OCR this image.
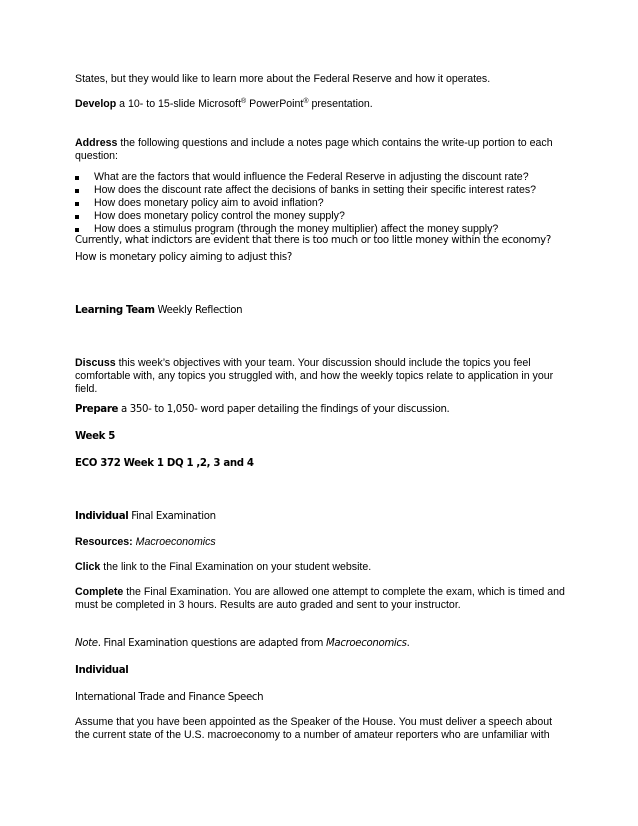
States, but they would like to learn more about the Federal Reserve and how it operates.
Develop a 10- to 15-slide Microsoft® PowerPoint® presentation.
Address the following questions and include a notes page which contains the write-up portion to each
question:
What are the factors that would influence the Federal Reserve in adjusting the discount rate?
How does the discount rate affect the decisions of banks in setting their specific interest rates?
How does monetary policy aim to avoid inflation?
How does monetary policy control the money supply?
How does a stimulus program (through the money multiplier) affect the money supply?
Currently, what indictors are evident that there is too much or too little money within the economy?
How is monetary policy aiming to adjust this?
Learning Team Weekly Reflection
Discuss this week’s objectives with your team. Your discussion should include the topics you feel
comfortable with, any topics you struggled with, and how the weekly topics relate to application in your
field.
Prepare a 350- to 1,050- word paper detailing the findings of your discussion.
Week 5
ECO 372 Week 1 DQ 1 ,2, 3 and 4
Individual Final Examination
Resources: Macroeconomics
Click the link to the Final Examination on your student website.
Complete the Final Examination. You are allowed one attempt to complete the exam, which is timed and
must be completed in 3 hours. Results are auto graded and sent to your instructor.
Note. Final Examination questions are adapted from Macroeconomics.
Individual
International Trade and Finance Speech
Assume that you have been appointed as the Speaker of the House. You must deliver a speech about
the current state of the U.S. macroeconomy to a number of amateur reporters who are unfamiliar with
